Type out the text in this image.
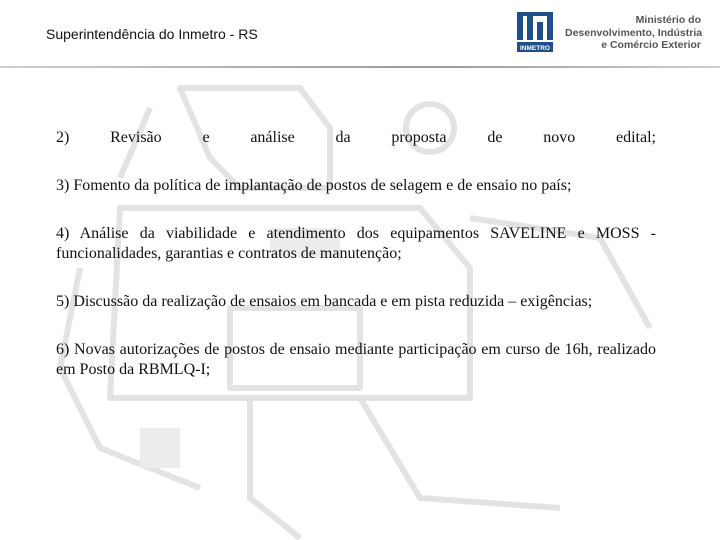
Superintendência do Inmetro - RS
INMETRO
Ministério do
Desenvolvimento, Indústria
e Comércio Exterior
2)	Revisão	e	análise	da	proposta	de	novo	edital;
3) Fomento da política de implantação de postos de selagem e de ensaio no país;
4) Análise da viabilidade e atendimento dos equipamentos SAVELINE e MOSS - funcionalidades, garantias e contratos de manutenção;
5) Discussão da realização de ensaios em bancada e em pista reduzida – exigências;
6) Novas autorizações de postos de ensaio mediante participação em curso de 16h, realizado em Posto da RBMLQ-I;
